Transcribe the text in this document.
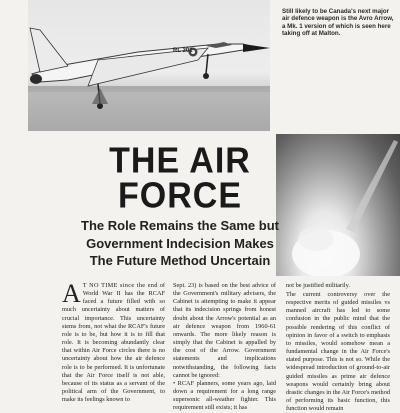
RL 201
Still likely to be Canada's next major air defence weapon is the Avro Arrow, a Mk. 1 version of which is seen here taking off at Malton.
THE AIR
FORCE
The Role Remains the Same but
Government Indecision Makes
The Future Method Uncertain
A T NO TIME since the end of World War II has the RCAF faced a future filled with so much uncertainty about matters of crucial importance. This uncertainty stems from, not what the RCAF's future role is to be, but how it is to fill that role. It is becoming abundantly clear that within Air Force circles there is no uncertainty about how the air defence role is to be performed. It is unfortunate that the Air Force itself is not able, because of its status as a servant of the political arm of the Government, to make its feelings known to

Sept. 23) is based on the best advice of the Government's military advisers, the Cabinet is attempting to make it appear that its indecision springs from honest doubt about the Arrow's potential as an air defence weapon from 1960-61 onwards. The more likely reason is simply that the Cabinet is appalled by the cost of the Arrow. Government statements and implications notwithstanding, the following facts cannot be ignored:

• RCAF planners, some years ago, laid down a requirement for a long range supersonic all-weather fighter. This requirement still exists; it has

not be justified militarily.

The current controversy over the respective merits of guided missiles vs manned aircraft has led to some confusion in the public mind that the possible rendering of this conflict of opinion in favor of a switch to emphasis to missiles, would somehow mean a fundamental change in the Air Force's stated purpose. This is not so. While the widespread introduction of ground-to-air guided missiles as prime air defence weapons would certainly bring about drastic changes in the Air Force's method of performing its basic function, this function would remain
